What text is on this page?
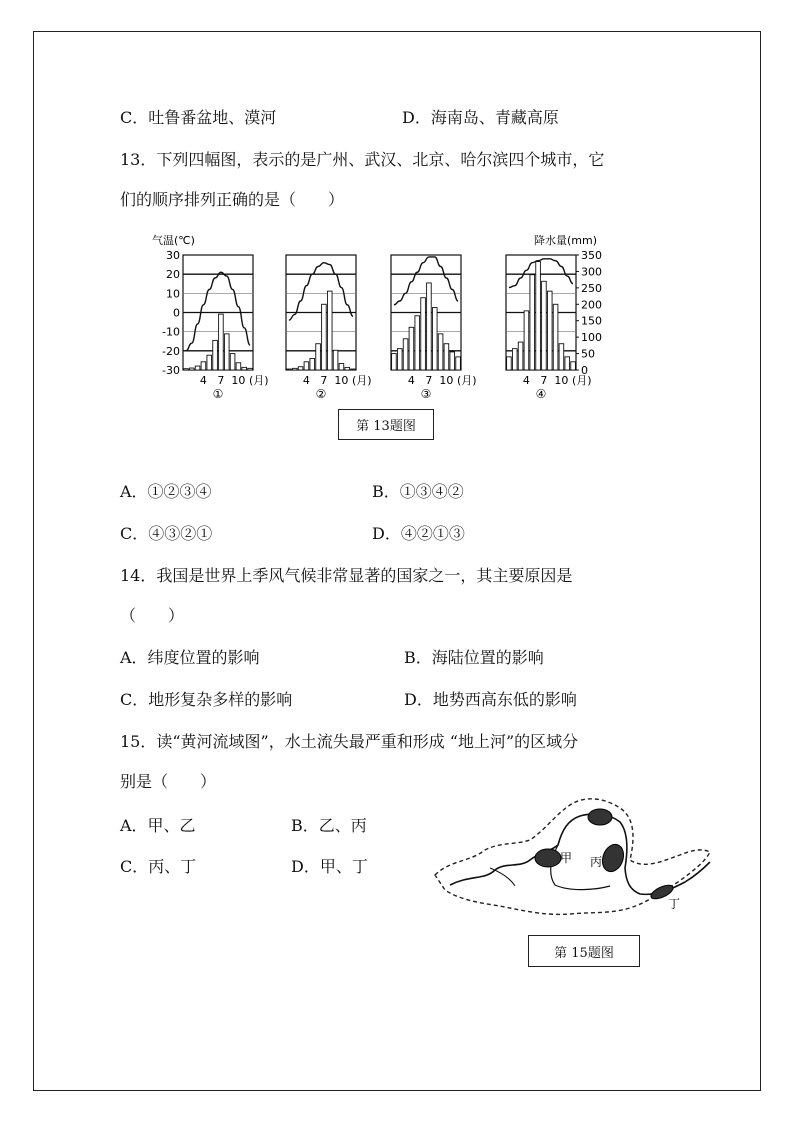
C．吐鲁番盆地、漠河	D．海南岛、青藏高原
13．下列四幅图，表示的是广州、武汉、北京、哈尔滨四个城市，它
们的顺序排列正确的是（　　）
气温(℃)	降水量(mm)
30
20
10
0
-10
-20
-30
350
300
250
200
150
100
50
0
4 7 10 (月)
①
4 7 10 (月)
②
4 7 10 (月)
③
4 7 10 (月)
④
第 13题图
A．①②③④	B．①③④②
C．④③②①	D．④②①③
14．我国是世界上季风气候非常显著的国家之一，其主要原因是
（　　）
A．纬度位置的影响	B．海陆位置的影响
C．地形复杂多样的影响	D．地势西高东低的影响
15．读“黄河流域图”，水土流失最严重和形成 “地上河”的区域分
别是（　　）
A．甲、乙	B．乙、丙
C．丙、丁	D．甲、丁	甲 丙
丁
第 15题图
